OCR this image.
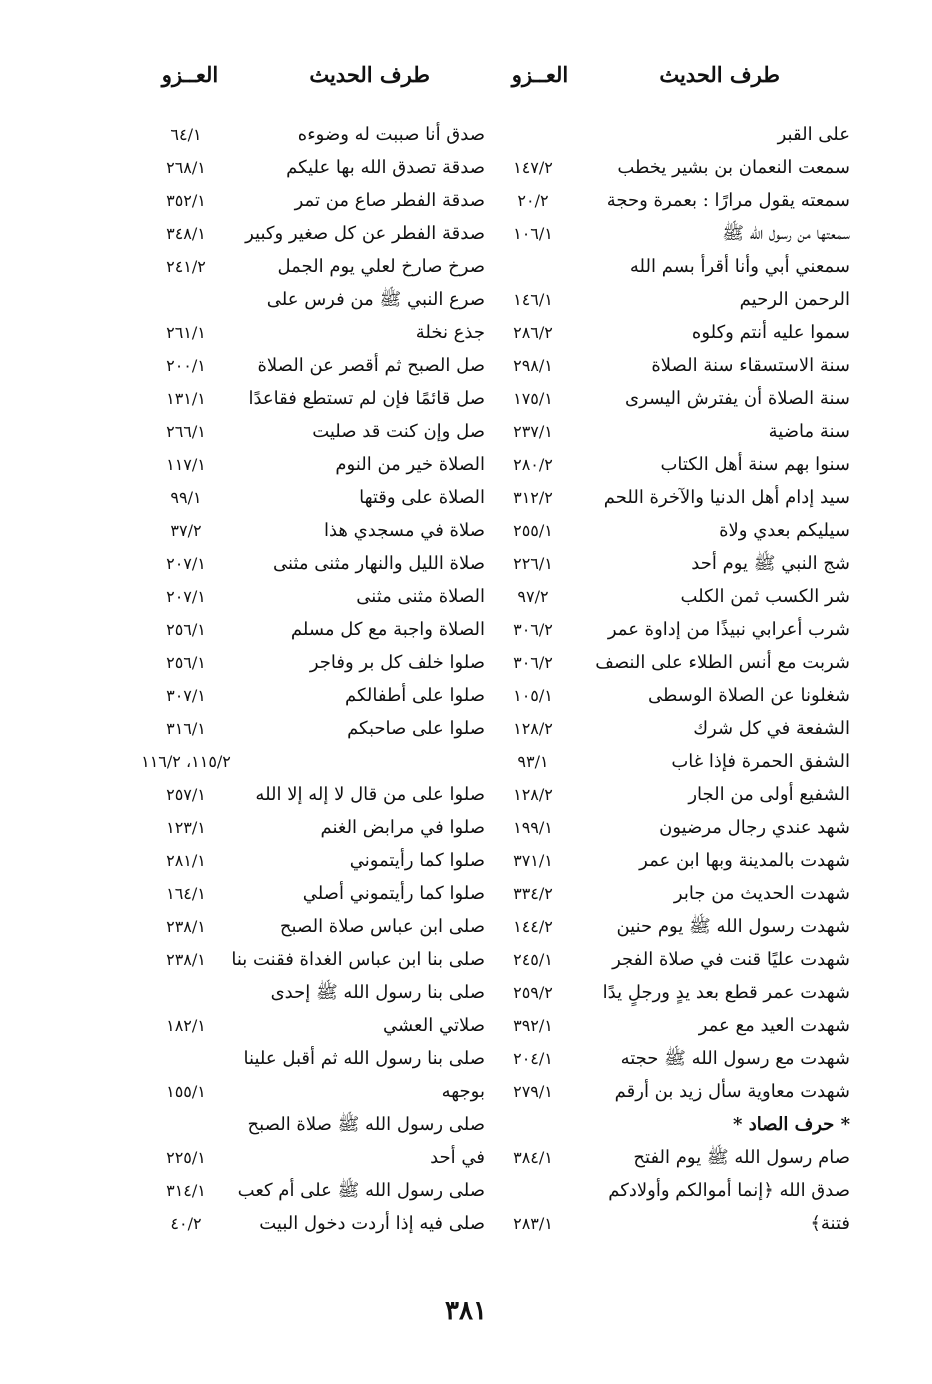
طرف الحديث
العــزو
طرف الحديث
العــزو
على القبر
سمعت النعمان بن بشير يخطب
سمعته يقول مرارًا : بعمرة وحجة
سمعتها من رسول الله ﷺ
سمعني أبي وأنا أقرأ بسم الله
الرحمن الرحيم
سموا عليه أنتم وكلوه
سنة الاستسقاء سنة الصلاة
سنة الصلاة أن يفترش اليسرى
سنة ماضية
سنوا بهم سنة أهل الكتاب
سيد إدام أهل الدنيا والآخرة اللحم
سيليكم بعدي ولاة
شج النبي ﷺ يوم أحد
شر الكسب ثمن الكلب
شرب أعرابي نبيذًا من إداوة عمر
شربت مع أنس الطلاء على النصف
شغلونا عن الصلاة الوسطى
الشفعة في كل شرك
الشفق الحمرة فإذا غاب
الشفيع أولى من الجار
شهد عندي رجال مرضيون
شهدت بالمدينة وبها ابن عمر
شهدت الحديث من جابر
شهدت رسول الله ﷺ يوم حنين
شهدت عليًا قنت في صلاة الفجر
شهدت عمر قطع بعد يدٍ ورجلٍ يدًا
شهدت العيد مع عمر
شهدت مع رسول الله ﷺ حجته
شهدت معاوية سأل زيد بن أرقم
* حرف الصاد *
صام رسول الله ﷺ يوم الفتح
صدق الله ﴿إنما أموالكم وأولادكم
فتنة﴾
١٤٧/٢
٢٠/٢
١٠٦/١
١٤٦/١
٢٨٦/٢
٢٩٨/١
١٧٥/١
٢٣٧/١
٢٨٠/٢
٣١٢/٢
٢٥٥/١
٢٢٦/١
٩٧/٢
٣٠٦/٢
٣٠٦/٢
١٠٥/١
١٢٨/٢
٩٣/١
١٢٨/٢
١٩٩/١
٣٧١/١
٣٣٤/٢
١٤٤/٢
٢٤٥/١
٢٥٩/٢
٣٩٢/١
٢٠٤/١
٢٧٩/١
٣٨٤/١
٢٨٣/١
صدق أنا صببت له وضوءه
صدقة تصدق الله بها عليكم
صدقة الفطر صاع من تمر
صدقة الفطر عن كل صغير وكبير
صرخ صارخ لعلي يوم الجمل
صرع النبي ﷺ من فرس على
جذع نخلة
صل الصبح ثم أقصر عن الصلاة
صل قائمًا فإن لم تستطع فقاعدًا
صل وإن كنت قد صليت
الصلاة خير من النوم
الصلاة على وقتها
صلاة في مسجدي هذا
صلاة الليل والنهار مثنى مثنى
الصلاة مثنى مثنى
الصلاة واجبة مع كل مسلم
صلوا خلف كل بر وفاجر
صلوا على أطفالكم
صلوا على صاحبكم
صلوا على من قال لا إله إلا الله
صلوا في مرابض الغنم
صلوا كما رأيتموني
صلوا كما رأيتموني أصلي
صلى ابن عباس صلاة الصبح
صلى بنا ابن عباس الغداة فقنت بنا
صلى بنا رسول الله ﷺ إحدى
صلاتي العشي
صلى بنا رسول الله ثم أقبل علينا
بوجهه
صلى رسول الله ﷺ صلاة الصبح
في أحد
صلى رسول الله ﷺ على أم كعب
صلى فيه إذا أردت دخول البيت
٦٤/١
٢٦٨/١
٣٥٢/١
٣٤٨/١
٢٤١/٢
٢٦١/١
٢٠٠/١
١٣١/١
٢٦٦/١
١١٧/١
٩٩/١
٣٧/٢
٢٠٧/١
٢٠٧/١
٢٥٦/١
٢٥٦/١
٣٠٧/١
٣١٦/١
١١٥/٢، ١١٦/٢
٢٥٧/١
١٢٣/١
٢٨١/١
١٦٤/١
٢٣٨/١
٢٣٨/١
١٨٢/١
١٥٥/١
٢٢٥/١
٣١٤/١
٤٠/٢
٣٨١
